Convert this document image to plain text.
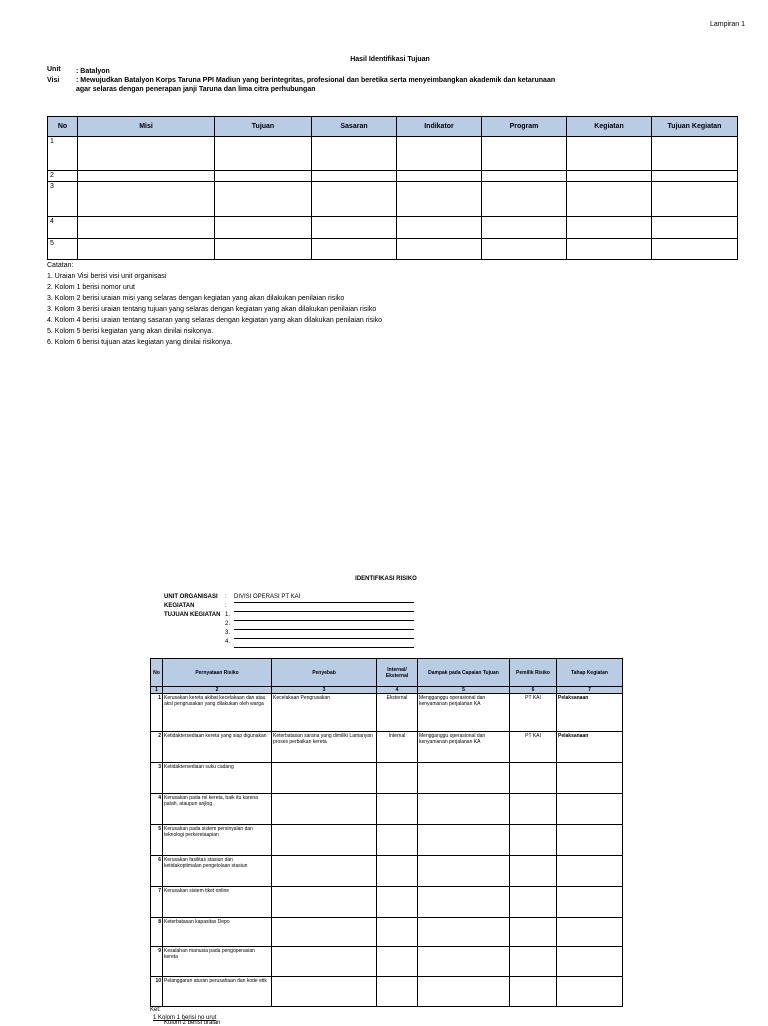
Lampiran 1
Hasil Identifikasi Tujuan
Unit : Batalyon
Visi : Mewujudkan Batalyon Korps Taruna PPI Madiun yang berintegritas, profesional dan beretika serta menyeimbangkan akademik dan ketarunaan
agar selaras dengan penerapan janji Taruna dan lima citra perhubungan
No	Misi	Tujuan	Sasaran	Indikator	Program	Kegiatan	Tujuan Kegiatan
1							
2							
3							
4							
5							
Catatan:
1. Uraian Visi berisi visi unit organisasi
2. Kolom 1 berisi nomor urut
3. Kolom 2 berisi uraian misi yang selaras dengan kegiatan yang akan dilakukan penilaian risiko
3. Kolom 3 berisi uraian tentang tujuan yang selaras dengan kegiatan yang akan dilakukan penilaian risiko
4. Kolom 4 berisi uraian tentang sasaran yang selaras dengan kegiatan yang akan dilakukan penilaian risiko
5. Kolom 5 berisi kegiatan yang akan dinilai risikonya.
6. Kolom 6 berisi tujuan atas kegiatan yang dinilai risikonya.
IDENTIFIKASI RISIKO
UNIT ORGANISASI : DIVISI OPERASI PT KAI
KEGIATAN	:
TUJUAN KEGIATAN 1.
2.
3.
4.
No	Pernyataan Risiko	Penyebab	Internal/ Eksternal	Dampak pada Capaian Tujuan	Pemilik Risiko	Tahap Kegiatan
1	2	3	4	5	6	7
1	Kerusakan kereta akibat kecelakaan dan atau aksi pengrusakan yang dilakukan oleh warga	Kecelakaan Pengrusakan	Eksternal	Mengganggu operasional dan kenyamanan perjalanan KA	PT KAI	Pelaksanaan
2	Ketidaktersediaan kereta yang siap digunakan	Keterbatasan sarana yang dimiliki Lamanyan proses perbaikan kereta	Internal	Mengganggu operasional dan kenyamanan perjalanan KA	PT KAI	Pelaksanaan
3	Ketidaktersediaan suku cadang					
4	Kerusakan pada rel kereta, baik itu karena patah, ataupun anjlog					
5	Kerusakan pada sistem persinyalan dan teknologi perkeretaapian					
6	Kerusakan fasilitas stasiun dan ketidakoptimalan pengelolaan stasiun					
7	Kerusakan sistem tiket online					
8	Keterbatasan kapasitas Depo					
9	Kesalahan manusia pada pengoperasian kereta					
10	Pelanggaran aturan perusahaan dan kode etik					
Ket:
1 Kolom 1 berisi no urut
Kolom 2 berisi uraian
